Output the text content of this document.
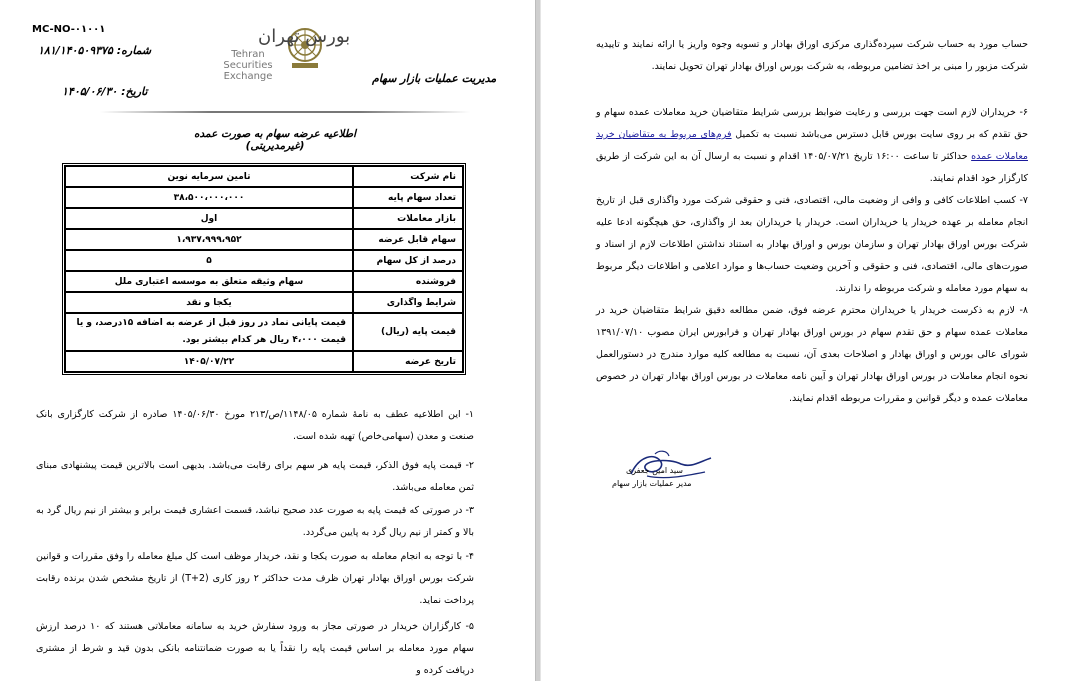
MC-NO-۰۱۰۰۱
شماره: ۱۸۱/۱۴۰۵۰۹۳۷۵
تاریخ: ۱۴۰۵/۰۶/۳۰
بورس تهران
Tehran Securities Exchange	مدیریت عملیات بازار سهام
اطلاعیه عرضه سهام به صورت عمده (غیرمدیریتی)
نام شرکت	تامین سرمایه نوین
تعداد سهام پایه	۳۸،۵۰۰،۰۰۰،۰۰۰
بازار معاملات	اول
سهام قابل عرضه	۱،۹۳۷،۹۹۹،۹۵۲
درصد از کل سهام	۵
فروشنده	سهام وثیقه متعلق به موسسه اعتباری ملل
شرایط واگذاری	یکجا و نقد
قیمت پایه (ریال)	قیمت پایانی نماد در روز قبل از عرضه به اضافه ۱۵درصد، و یا قیمت ۴،۰۰۰ ریال هر کدام بیشتر بود.
تاریخ عرضه	۱۴۰۵/۰۷/۲۲
۱- این اطلاعیه عطف به نامهٔ شماره ۱۱۴۸/۰۵/ص/۲۱۳ مورخ ۱۴۰۵/۰۶/۳۰ صادره از شرکت کارگزاری بانک صنعت و معدن (سهامی‌خاص) تهیه شده است.
۲- قیمت پایه فوق الذکر، قیمت پایه هر سهم برای رقابت می‌باشد. بدیهی است بالاترین قیمت پیشنهادی مبنای ثمن معامله می‌باشد.
۳- در صورتی که قیمت پایه به صورت عدد صحیح نباشد، قسمت اعشاری قیمت برابر و بیشتر از نیم ریال گرد به بالا و کمتر از نیم ریال گرد به پایین می‌گردد.
۴- با توجه به انجام معامله به صورت یکجا و نقد، خریدار موظف است کل مبلغ معامله را وفق مقررات و قوانین شرکت بورس اوراق بهادار تهران ظرف مدت حداکثر ۲ روز کاری (T+2) از تاریخ مشخص شدن برنده رقابت پرداخت نماید.
۵- کارگزاران خریدار در صورتی مجاز به ورود سفارش خرید به سامانه معاملاتی هستند که ۱۰ درصد ارزش سهام مورد معامله بر اساس قیمت پایه را نقداً یا به صورت ضمانتنامه بانکی بدون قید و شرط از مشتری دریافت کرده و
حساب مورد به حساب شرکت سپرده‌گذاری مرکزی اوراق بهادار و تسویه وجوه واریز یا ارائه نمایند و تاییدیه شرکت مزبور را مبنی بر اخذ تضامین مربوطه، به شرکت بورس اوراق بهادار تهران تحویل نمایند.
۶- خریداران لازم است جهت بررسی و رعایت ضوابط بررسی شرایط متقاضیان خرید معاملات عمده سهام و حق تقدم که بر روی سایت بورس قابل دسترس می‌باشد نسبت به تکمیل فرم‌های مربوط به متقاضیان خرید معاملات عمده حداکثر تا ساعت ۱۶:۰۰ تاریخ ۱۴۰۵/۰۷/۲۱ اقدام و نسبت به ارسال آن به این شرکت از طریق کارگزار خود اقدام نمایند.
۷- کسب اطلاعات کافی و وافی از وضعیت مالی، اقتصادی، فنی و حقوقی شرکت مورد واگذاری قبل از تاریخ انجام معامله بر عهده خریدار یا خریداران است. خریدار یا خریداران بعد از واگذاری، حق هیچگونه ادعا علیه شرکت بورس اوراق بهادار تهران و سازمان بورس و اوراق بهادار به استناد نداشتن اطلاعات لازم از اسناد و صورت‌های مالی، اقتصادی، فنی و حقوقی و آخرین وضعیت حساب‌ها و موارد اعلامی و اطلاعات دیگر مربوط به سهام مورد معامله و شرکت مربوطه را ندارند.
۸- لازم به ذکرست خریدار یا خریداران محترم عرضه فوق، ضمن مطالعه دقیق شرایط متقاضیان خرید در معاملات عمده سهام و حق تقدم سهام در بورس اوراق بهادار تهران و فرابورس ایران مصوب ۱۳۹۱/۰۷/۱۰ شورای عالی بورس و اوراق بهادار و اصلاحات بعدی آن، نسبت به مطالعه کلیه موارد مندرج در دستورالعمل نحوه انجام معاملات در بورس اوراق بهادار تهران و آیین نامه معاملات در بورس اوراق بهادار تهران در خصوص معاملات عمده و دیگر قوانین و مقررات مربوطه اقدام نمایند.
سید امین جعفری
مدیر عملیات بازار سهام
